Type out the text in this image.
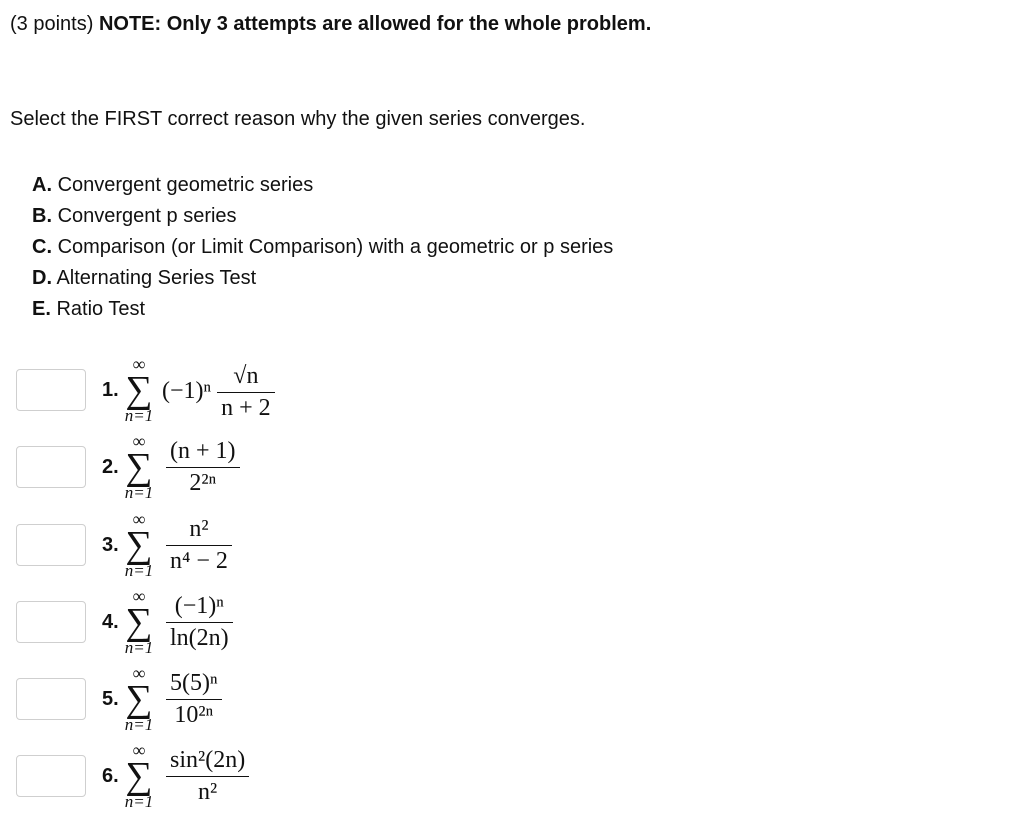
(3 points) NOTE: Only 3 attempts are allowed for the whole problem.
Select the FIRST correct reason why the given series converges.
A. Convergent geometric series
B. Convergent p series
C. Comparison (or Limit Comparison) with a geometric or p series
D. Alternating Series Test
E. Ratio Test
1.
∞
∑
n=1
$(-1)^n \frac{√n}{n + 2}$
2.
∞
∑
$n=1 \frac{(n + 1)}{\text{2²ⁿ}}$
3.
∞
∑
$n=1 \frac{\text{n²}}{\text{n⁴ − 2}}$
4.
∞
∑
$n=1 \frac{\text{(−1)ⁿ}}{\ln(2n)}$
5.
∞
∑
$n=1 \frac{\text{5(5)ⁿ}}{\text{10²ⁿ}}$
6.
∞
∑
$n=1 \frac{\text{sin²(2n)}}{\text{n²}}$
